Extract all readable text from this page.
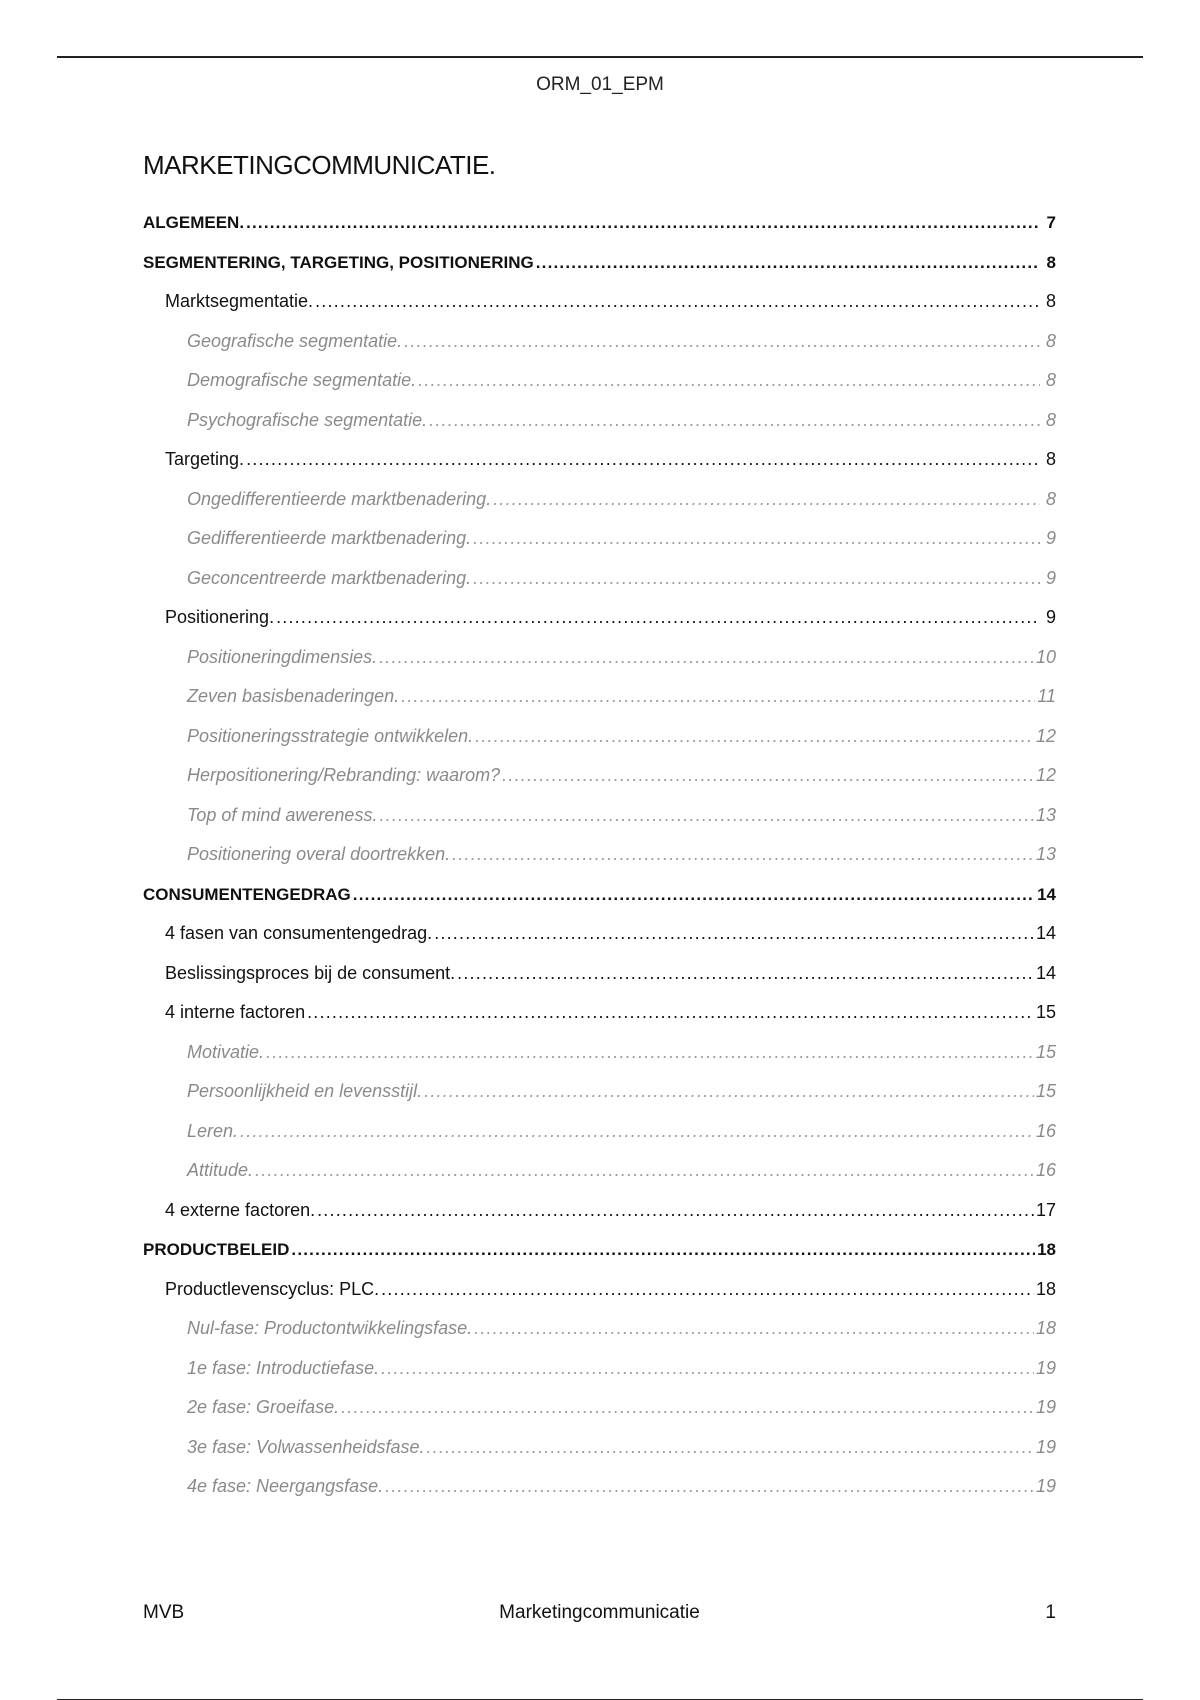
ORM_01_EPM
MARKETINGCOMMUNICATIE.
ALGEMEEN. .....	7
SEGMENTERING, TARGETING, POSITIONERING .....	8
Marktsegmentatie. .....	8
Geografische segmentatie. .....	8
Demografische segmentatie. .....	8
Psychografische segmentatie. .....	8
Targeting. .....	8
Ongedifferentieerde marktbenadering. .....	8
Gedifferentieerde marktbenadering. .....	9
Geconcentreerde marktbenadering. .....	9
Positionering. .....	9
Positioneringdimensies. .....	10
Zeven basisbenaderingen. .....	11
Positioneringsstrategie ontwikkelen. .....	12
Herpositionering/Rebranding: waarom? .....	12
Top of mind awereness. .....	13
Positionering overal doortrekken. .....	13
CONSUMENTENGEDRAG .....	14
4 fasen van consumentengedrag. .....	14
Beslissingsproces bij de consument. .....	14
4 interne factoren .....	15
Motivatie. .....	15
Persoonlijkheid en levensstijl. .....	15
Leren. .....	16
Attitude. .....	16
4 externe factoren. .....	17
PRODUCTBELEID .....	18
Productlevenscyclus: PLC. .....	18
Nul-fase: Productontwikkelingsfase. .....	18
1e fase: Introductiefase. .....	19
2e fase: Groeifase. .....	19
3e fase: Volwassenheidsfase. .....	19
4e fase: Neergangsfase. .....	19
MVB	Marketingcommunicatie	1
